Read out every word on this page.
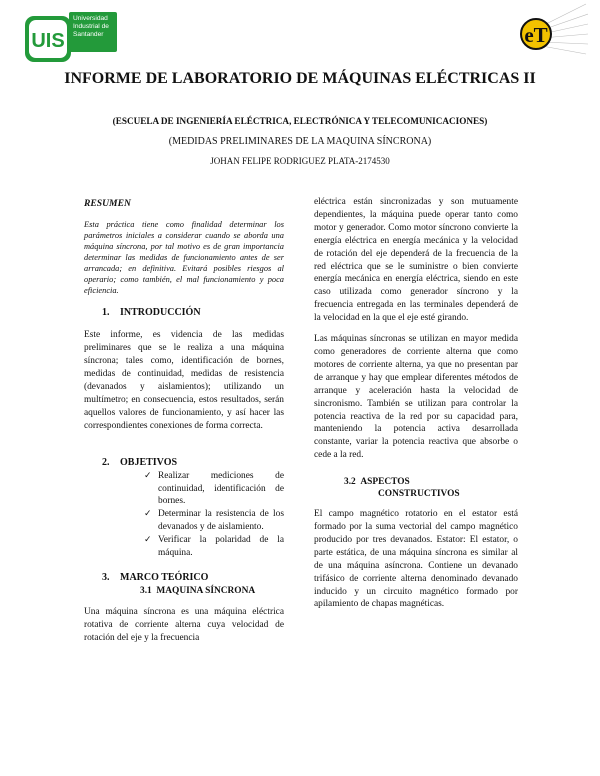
UIS
Universidad
Industrial de
Santander	eT
INFORME DE LABORATORIO DE MÁQUINAS ELÉCTRICAS II
(ESCUELA DE INGENIERÍA ELÉCTRICA, ELECTRÓNICA Y TELECOMUNICACIONES)
(MEDIDAS PRELIMINARES DE LA MAQUINA SÍNCRONA)
JOHAN FELIPE RODRIGUEZ PLATA-2174530

RESUMEN

Esta práctica tiene como finalidad determinar los parámetros iniciales a considerar cuando se aborda una máquina síncrona, por tal motivo es de gran importancia determinar las medidas de funcionamiento antes de ser arrancada; en definitiva. Evitará posibles riesgos al operario; como también, el mal funcionamiento y poca eficiencia.

1. INTRODUCCIÓN

Este informe, es videncia de las medidas preliminares que se le realiza a una máquina síncrona; tales como, identificación de bornes, medidas de continuidad, medidas de resistencia (devanados y aislamientos); utilizando un multímetro; en consecuencia, estos resultados, serán aquellos valores de funcionamiento, y así hacer las correspondientes conexiones de forma correcta.

2. OBJETIVOS

✓ Realizar mediciones de continuidad, identificación de bornes.
✓ Determinar la resistencia de los devanados y de aislamiento.
✓ Verificar la polaridad de la máquina.

3. MARCO TEÓRICO

3.1 MAQUINA SÍNCRONA

Una máquina síncrona es una máquina eléctrica rotativa de corriente alterna cuya velocidad de rotación del eje y la frecuencia

eléctrica están sincronizadas y son mutuamente dependientes, la máquina puede operar tanto como motor y generador. Como motor síncrono convierte la energía eléctrica en energía mecánica y la velocidad de rotación del eje dependerá de la frecuencia de la red eléctrica que se le suministre o bien convierte energía mecánica en energía eléctrica, siendo en este caso utilizada como generador síncrono y la frecuencia entregada en las terminales dependerá de la velocidad en la que el eje esté girando.

Las máquinas síncronas se utilizan en mayor medida como generadores de corriente alterna que como motores de corriente alterna, ya que no presentan par de arranque y hay que emplear diferentes métodos de arranque y aceleración hasta la velocidad de sincronismo. También se utilizan para controlar la potencia reactiva de la red por su capacidad para, manteniendo la potencia activa desarrollada constante, variar la potencia reactiva que absorbe o cede a la red.

3.2 ASPECTOS

CONSTRUCTIVOS

El campo magnético rotatorio en el estator está formado por la suma vectorial del campo magnético producido por tres devanados. Estator: El estator, o parte estática, de una máquina síncrona es similar al de una máquina asíncrona. Contiene un devanado trifásico de corriente alterna denominado devanado inducido y un circuito magnético formado por apilamiento de chapas magnéticas.
